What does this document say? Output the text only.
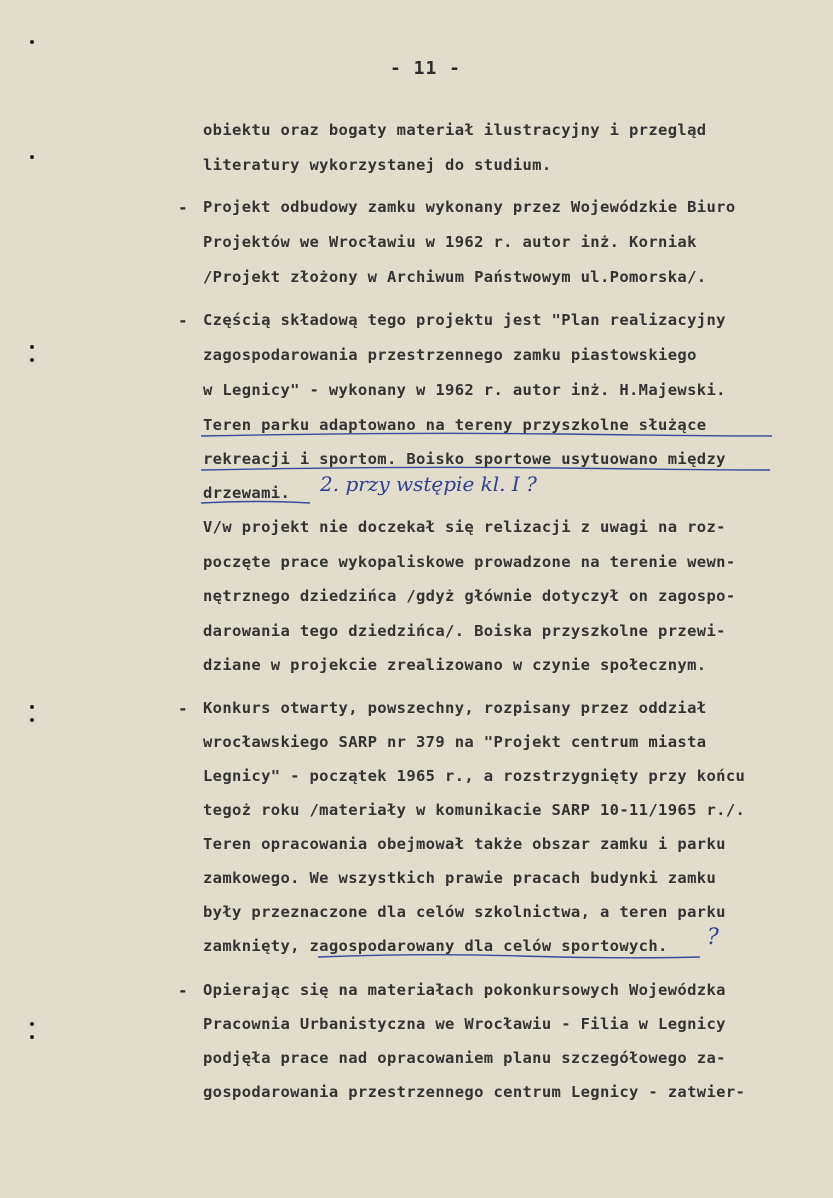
- 11 -
obiektu oraz bogaty materiał ilustracyjny i przegląd
literatury wykorzystanej do studium.
- Projekt odbudowy zamku wykonany przez Wojewódzkie Biuro
Projektów we Wrocławiu w 1962 r. autor inż. Korniak
/Projekt złożony w Archiwum Państwowym ul.Pomorska/.
- Częścią składową tego projektu jest "Plan realizacyjny
zagospodarowania przestrzennego zamku piastowskiego
w Legnicy" - wykonany w 1962 r. autor inż. H.Majewski.
Teren parku adaptowano na tereny przyszkolne służące
rekreacji i sportom. Boisko sportowe usytuowano między
drzewami. 2. przy wstępie kl. I ?
V/w projekt nie doczekał się relizacji z uwagi na roz-
poczęte prace wykopaliskowe prowadzone na terenie wewn-
nętrznego dziedzińca /gdyż głównie dotyczył on zagospo-
darowania tego dziedzińca/. Boiska przyszkolne przewi-
dziane w projekcie zrealizowano w czynie społecznym.
- Konkurs otwarty, powszechny, rozpisany przez oddział
wrocławskiego SARP nr 379 na "Projekt centrum miasta
Legnicy" - początek 1965 r., a rozstrzygnięty przy końcu
tegoż roku /materiały w komunikacie SARP 10-11/1965 r./.
Teren opracowania obejmował także obszar zamku i parku
zamkowego. We wszystkich prawie pracach budynki zamku
były przeznaczone dla celów szkolnictwa, a teren parku
zamknięty, zagospodarowany dla celów sportowych. ?
- Opierając się na materiałach pokonkursowych Wojewódzka
Pracownia Urbanistyczna we Wrocławiu - Filia w Legnicy
podjęła prace nad opracowaniem planu szczegółowego za-
gospodarowania przestrzennego centrum Legnicy - zatwier-
